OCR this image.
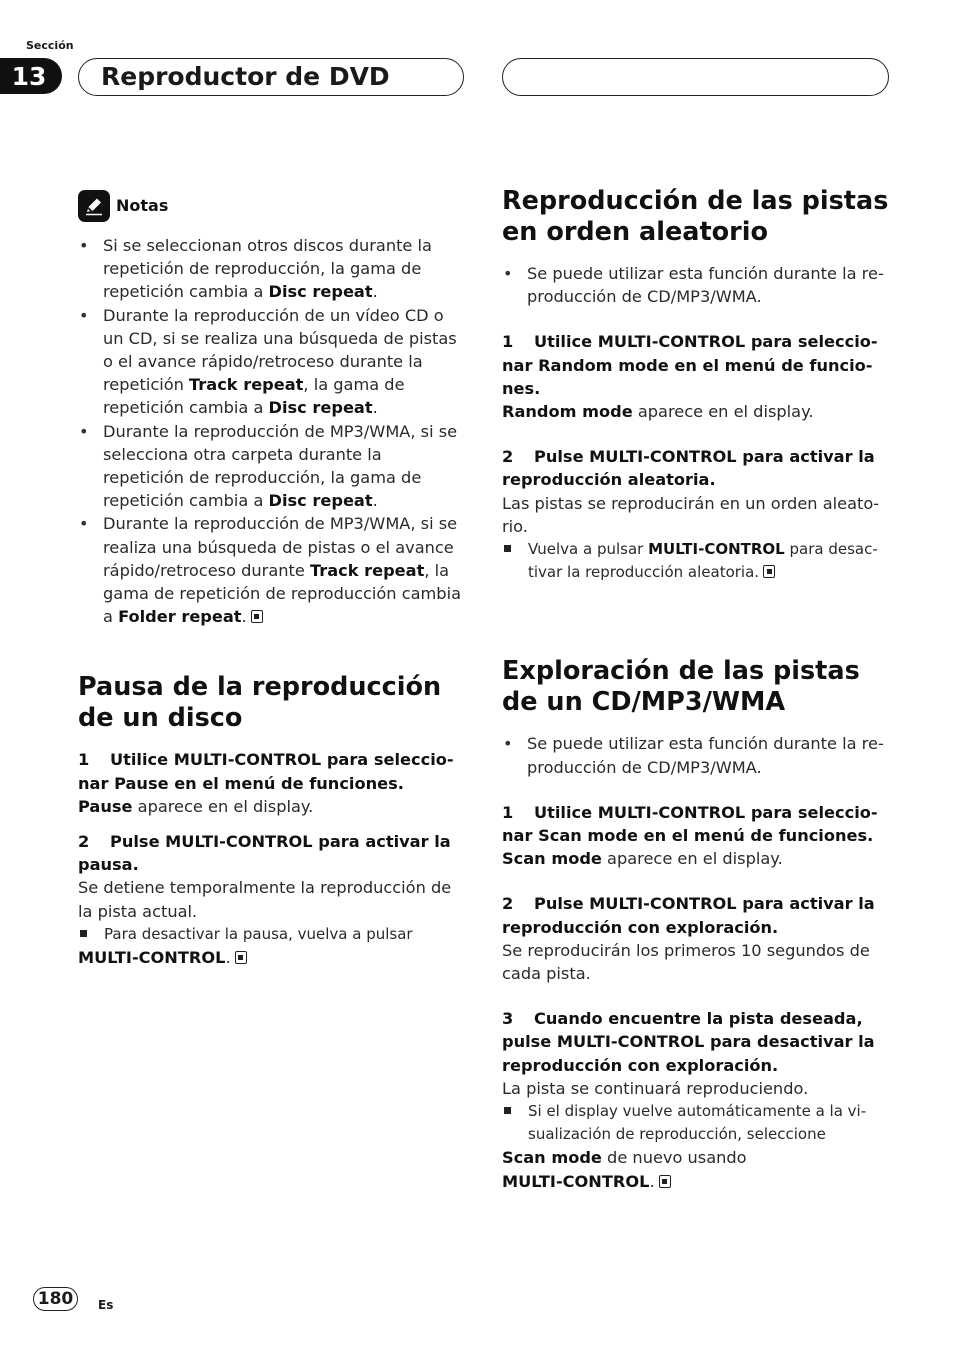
Sección
13	Reproductor de DVD
Notas
• Si se seleccionan otros discos durante la repetición de reproducción, la gama de repetición cambia a Disc repeat.
• Durante la reproducción de un vídeo CD o un CD, si se realiza una búsqueda de pistas o el avance rápido/retroceso durante la repetición Track repeat, la gama de repetición cambia a Disc repeat.
• Durante la reproducción de MP3/WMA, si se selecciona otra carpeta durante la repetición de reproducción, la gama de repetición cambia a Disc repeat.
• Durante la reproducción de MP3/WMA, si se realiza una búsqueda de pistas o el avance rápido/retroceso durante Track repeat, la gama de repetición de reproducción cambia a Folder repeat.
Pausa de la reproducción de un disco

1 Utilice MULTI-CONTROL para seleccionar Pause en el menú de funciones.

Pause aparece en el display.

2 Pulse MULTI-CONTROL para activar la pausa.

Se detiene temporalmente la reproducción de la pista actual.

Para desactivar la pausa, vuelva a pulsar

MULTI-CONTROL.

Reproducción de las pistas en orden aleatorio
• Se puede utilizar esta función durante la reproducción de CD/MP3/WMA.

1 Utilice MULTI-CONTROL para seleccionar Random mode en el menú de funciones.

Random mode aparece en el display.

2 Pulse MULTI-CONTROL para activar la reproducción aleatoria.

Las pistas se reproducirán en un orden aleatorio.

Vuelva a pulsar MULTI-CONTROL para desactivar la reproducción aleatoria.

Exploración de las pistas de un CD/MP3/WMA
• Se puede utilizar esta función durante la reproducción de CD/MP3/WMA.

1 Utilice MULTI-CONTROL para seleccionar Scan mode en el menú de funciones.

Scan mode aparece en el display.

2 Pulse MULTI-CONTROL para activar la reproducción con exploración.

Se reproducirán los primeros 10 segundos de cada pista.

3 Cuando encuentre la pista deseada, pulse MULTI-CONTROL para desactivar la reproducción con exploración.

La pista se continuará reproduciendo.

Si el display vuelve automáticamente a la visualización de reproducción, seleccione

Scan mode de nuevo usando

MULTI-CONTROL.

180	Es
